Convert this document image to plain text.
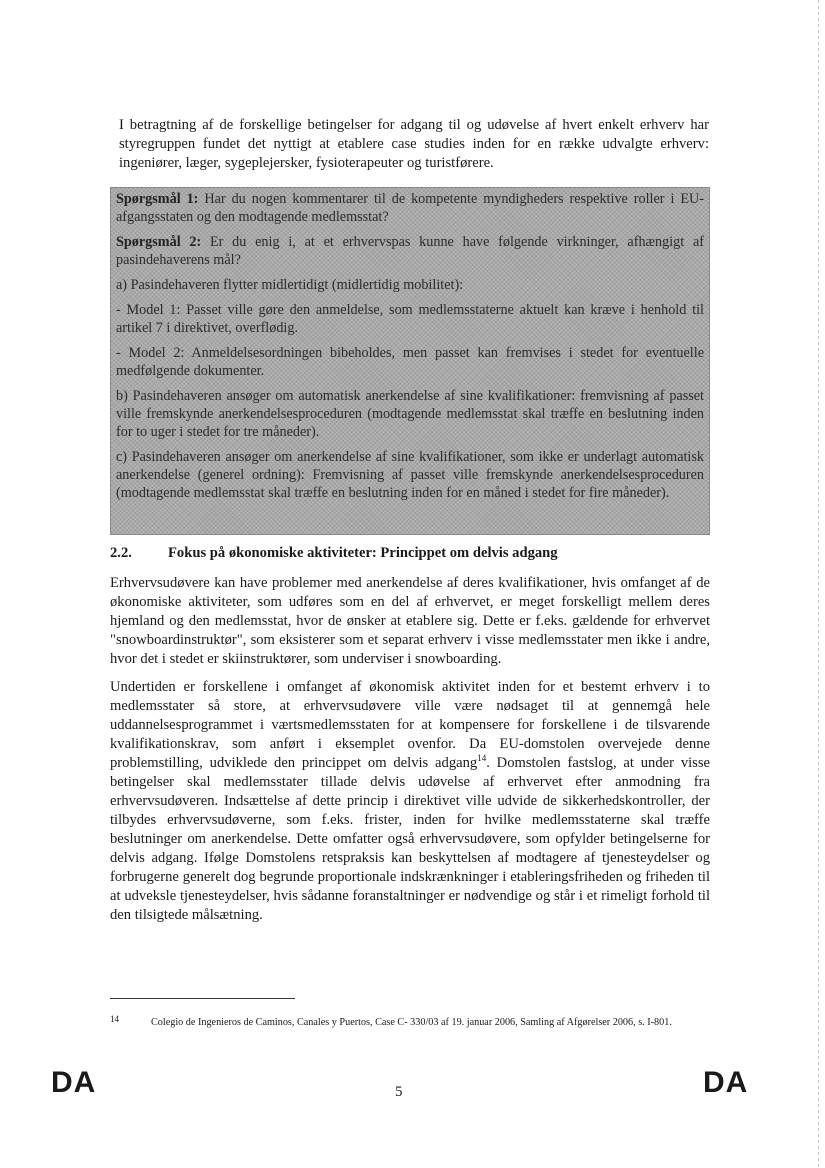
I betragtning af de forskellige betingelser for adgang til og udøvelse af hvert enkelt erhverv har styregruppen fundet det nyttigt at etablere case studies inden for en række udvalgte erhverv: ingeniører, læger, sygeplejersker, fysioterapeuter og turistførere.

Spørgsmål 1: Har du nogen kommentarer til de kompetente myndigheders respektive roller i EU-afgangsstaten og den modtagende medlemsstat?

Spørgsmål 2: Er du enig i, at et erhvervspas kunne have følgende virkninger, afhængigt af pasindehaverens mål?

a) Pasindehaveren flytter midlertidigt (midlertidig mobilitet):

- Model 1: Passet ville gøre den anmeldelse, som medlemsstaterne aktuelt kan kræve i henhold til artikel 7 i direktivet, overflødig.

- Model 2: Anmeldelsesordningen bibeholdes, men passet kan fremvises i stedet for eventuelle medfølgende dokumenter.

b) Pasindehaveren ansøger om automatisk anerkendelse af sine kvalifikationer: fremvisning af passet ville fremskynde anerkendelsesproceduren (modtagende medlemsstat skal træffe en beslutning inden for to uger i stedet for tre måneder).

c) Pasindehaveren ansøger om anerkendelse af sine kvalifikationer, som ikke er underlagt automatisk anerkendelse (generel ordning): Fremvisning af passet ville fremskynde anerkendelsesproceduren (modtagende medlemsstat skal træffe en beslutning inden for en måned i stedet for fire måneder).

2.2. Fokus på økonomiske aktiviteter: Princippet om delvis adgang

Erhvervsudøvere kan have problemer med anerkendelse af deres kvalifikationer, hvis omfanget af de økonomiske aktiviteter, som udføres som en del af erhvervet, er meget forskelligt mellem deres hjemland og den medlemsstat, hvor de ønsker at etablere sig. Dette er f.eks. gældende for erhvervet "snowboardinstruktør", som eksisterer som et separat erhverv i visse medlemsstater men ikke i andre, hvor det i stedet er skiinstruktører, som underviser i snowboarding.

Undertiden er forskellene i omfanget af økonomisk aktivitet inden for et bestemt erhverv i to medlemsstater så store, at erhvervsudøvere ville være nødsaget til at gennemgå hele uddannelsesprogrammet i værtsmedlemsstaten for at kompensere for forskellene i de tilsvarende kvalifikationskrav, som anført i eksemplet ovenfor. Da EU-domstolen overvejede denne problemstilling, udviklede den princippet om delvis adgang$^{14}$. Domstolen fastslog, at under visse betingelser skal medlemsstater tillade delvis udøvelse af erhvervet efter anmodning fra erhvervsudøveren. Indsættelse af dette princip i direktivet ville udvide de sikkerhedskontroller, der tilbydes erhvervsudøverne, som f.eks. frister, inden for hvilke medlemsstaterne skal træffe beslutninger om anerkendelse. Dette omfatter også erhvervsudøvere, som opfylder betingelserne for delvis adgang. Ifølge Domstolens retspraksis kan beskyttelsen af modtagere af tjenesteydelser og forbrugerne generelt dog begrunde proportionale indskrænkninger i etableringsfriheden og friheden til at udveksle tjenesteydelser, hvis sådanne foranstaltninger er nødvendige og står i et rimeligt forhold til den tilsigtede målsætning.

14	Colegio de Ingenieros de Caminos, Canales y Puertos, Case C- 330/03 af 19. januar 2006, Samling af Afgørelser 2006, s. I-801.
DA	5	DA
